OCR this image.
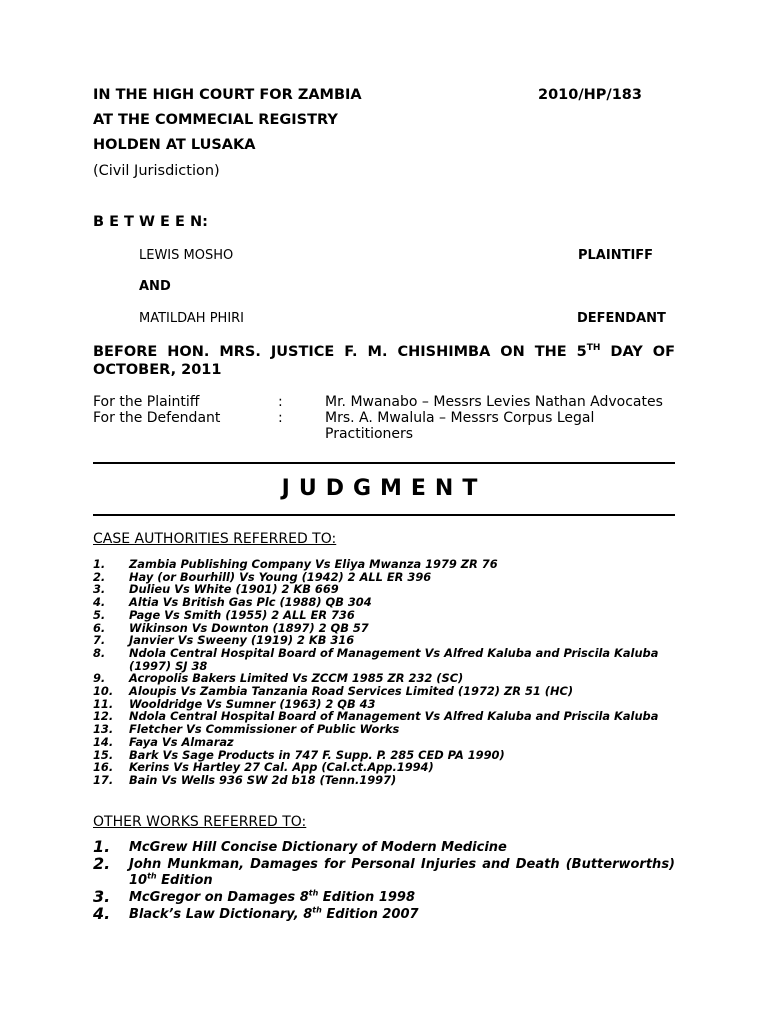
IN THE HIGH COURT FOR ZAMBIA	2010/HP/183
AT THE COMMECIAL REGISTRY
HOLDEN AT LUSAKA
(Civil Jurisdiction)
B E T W E E N:
LEWIS MOSHO	PLAINTIFF
AND
MATILDAH PHIRI	DEFENDANT
BEFORE HON. MRS. JUSTICE F. M. CHISHIMBA ON THE 5TH DAY OF OCTOBER, 2011
For the Plaintiff	:	Mr. Mwanabo – Messrs Levies Nathan Advocates
For the Defendant	:	Mrs. A. Mwalula – Messrs Corpus Legal
Practitioners
JUDGMENT
CASE AUTHORITIES REFERRED TO:
1. Zambia Publishing Company Vs Eliya Mwanza 1979 ZR 76
2. Hay (or Bourhill) Vs Young (1942) 2 ALL ER 396
3. Dulieu Vs White (1901) 2 KB 669
4. Altia Vs British Gas Plc (1988) QB 304
5. Page Vs Smith (1955) 2 ALL ER 736
6. Wikinson Vs Downton (1897) 2 QB 57
7. Janvier Vs Sweeny (1919) 2 KB 316
8. Ndola Central Hospital Board of Management Vs Alfred Kaluba and Priscila Kaluba (1997) SJ 38
9. Acropolis Bakers Limited Vs ZCCM 1985 ZR 232 (SC)
10. Aloupis Vs Zambia Tanzania Road Services Limited (1972) ZR 51 (HC)
11. Wooldridge Vs Sumner (1963) 2 QB 43
12. Ndola Central Hospital Board of Management Vs Alfred Kaluba and Priscila Kaluba
13. Fletcher Vs Commissioner of Public Works
14. Faya Vs Almaraz
15. Bark Vs Sage Products in 747 F. Supp. P. 285 CED PA 1990)
16. Kerins Vs Hartley 27 Cal. App (Cal.ct.App.1994)
17. Bain Vs Wells 936 SW 2d b18 (Tenn.1997)
OTHER WORKS REFERRED TO:
1. McGrew Hill Concise Dictionary of Modern Medicine
2. John Munkman, Damages for Personal Injuries and Death (Butterworths) 10th Edition
3. McGregor on Damages 8th Edition 1998
4. Black’s Law Dictionary, 8th Edition 2007
